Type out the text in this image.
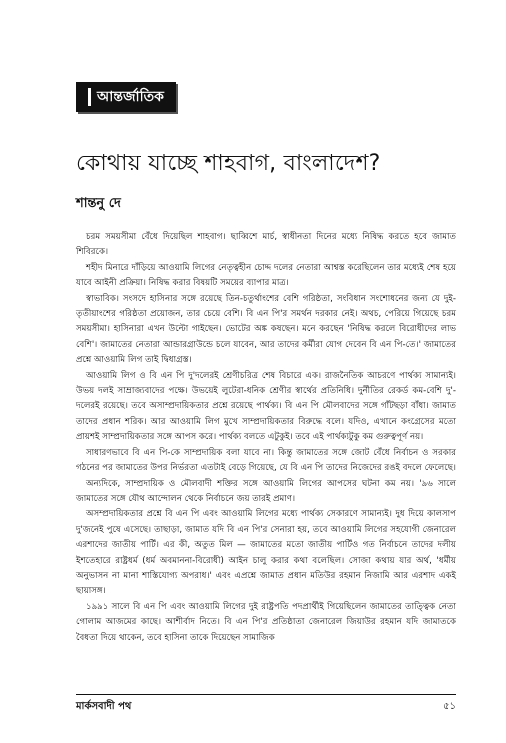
আন্তর্জাতিক
কোথায় যাচ্ছে শাহবাগ, বাংলাদেশ?
শান্তনু দে

চরম সময়সীমা বেঁধে দিয়েছিল শাহবাগ। ছাব্বিশে মার্চ, স্বাধীনতা দিনের মধ্যে নিষিদ্ধ করতে হবে জামাত শিবিরকে।

শহীদ মিনারে দাঁড়িয়ে আওয়ামি লিগের নেতৃত্বহীন চোদ্দ দলের নেতারা আশ্বস্ত করেছিলেন তার মধ্যেই শেষ হয়ে যাবে আইনী প্রক্রিয়া। নিষিদ্ধ করার বিষয়টি সময়ের ব্যাপার মাত্র।

স্বাভাবিক। সংসদে হাসিনার সঙ্গে রয়েছে তিন-চতুর্থাংশের বেশি গরিষ্ঠতা, সংবিধান সংশোধনের জন্য যে দুই-তৃতীয়াংশের গরিষ্ঠতা প্রয়োজন, তার চেয়ে বেশি। বি এন পি'র সমর্থন দরকার নেই। অথচ, পেরিয়ে গিয়েছে চরম সময়সীমা। হাসিনারা এখন উল্টো গাইছেন। ভোটের অঙ্ক কষছেন। মনে করছেন 'নিষিদ্ধ করলে বিরোধীদের লাভ বেশি'। জামাতের নেতারা আন্ডারগ্রাউন্ডে চলে যাবেন, আর তাদের কর্মীরা যোগ দেবেন বি এন পি-তে।' জামাতের প্রশ্নে আওয়ামি লিগ তাই দ্বিধাগ্রস্ত।

আওয়ামি লিগ ও বি এন পি দু'দলেরই শ্রেণীচরিত্র শেষ বিচারে এক। রাজনৈতিক আচরণে পার্থক্য সামান্যই। উভয় দলই সাম্রাজ্যবাদের পক্ষে। উভয়েই লুটেরা-ধনিক শ্রেণীর স্বার্থের প্রতিনিধি। দুর্নীতির রেকর্ড কম-বেশি দু'-দলেরই রয়েছে। তবে অসাম্প্রদায়িকতার প্রশ্নে রয়েছে পার্থক্য। বি এন পি মৌলবাদের সঙ্গে গাঁটছড়া বাঁধা। জামাত তাদের প্রধান শরিক। আর আওয়ামি লিগ মুখে সাম্প্রদায়িকতার বিরুদ্ধে বলে। যদিও, এখানে কংগ্রেসের মতো প্রায়শই সাম্প্রদায়িকতার সঙ্গে আপস করে। পার্থক্য বলতে এটুকুই। তবে এই পার্থক্যটুকু কম গুরুত্বপূর্ণ নয়।

সাধারণভাবে বি এন পি-কে সাম্প্রদায়িক বলা যাবে না। কিন্তু জামাতের সঙ্গে জোট বেঁধে নির্বাচন ও সরকার গঠনের পর জামাতের উপর নির্ভরতা এতটাই বেড়ে গিয়েছে, যে বি এন পি তাদের নিজেদের রঙই বদলে ফেলেছে।

অন্যদিকে, সাম্প্রদায়িক ও মৌলবাদী শক্তির সঙ্গে আওয়ামি লিগের আপসের ঘটনা কম নয়। '৯৬ সালে জামাতের সঙ্গে যৌথ আন্দোলন থেকে নির্বাচনে জয় তারই প্রমাণ।

অসম্প্রদায়িকতার প্রশ্নে বি এন পি এবং আওয়ামি লিগের মধ্যে পার্থক্য সেকারণে সামান্যই। দুধ দিয়ে কালসাপ দু'জনেই পুষে এসেছে। তাছাড়া, জামাত যদি বি এন পি'র সেনারা হয়, তবে আওয়ামি লিগের সহযোগী জেনারেল এরশাদের জাতীয় পার্টি। এর কী, অতুত মিল — জামাতের মতো জাতীয় পার্টিও গত নির্বাচনে তাদের দলীয় ইশতেহারে রাষ্ট্রধর্ম (ধর্ম অবমাননা-বিরোধী) আইন চালু করার কথা বলেছিল। সোজা কথায় যার অর্থ, 'ধর্মীয় অনুভাসন না মানা শাস্তিযোগ্য অপরাধ।' এবং এপ্রশ্নে জামাত প্রধান মতিউর রহমান নিজামি আর এরশাদ একই ছায়াসঙ্গ।

১৯৯১ সালে বি এন পি এবং আওয়ামি লিগের দুই রাষ্ট্রপতি পদপ্রার্থীই গিয়েছিলেন জামাতের তাত্ত্বিক নেতা গোলাম আজমের কাছে। আশীর্বাদ নিতে। বি এন পি'র প্রতিষ্ঠাতা জেনারেল জিয়াউর রহমান যদি জামাতকে বৈধতা দিয়ে থাকেন, তবে হাসিনা তাকে দিয়েছেন সামাজিক

মার্কসবাদী পথ	৫১
